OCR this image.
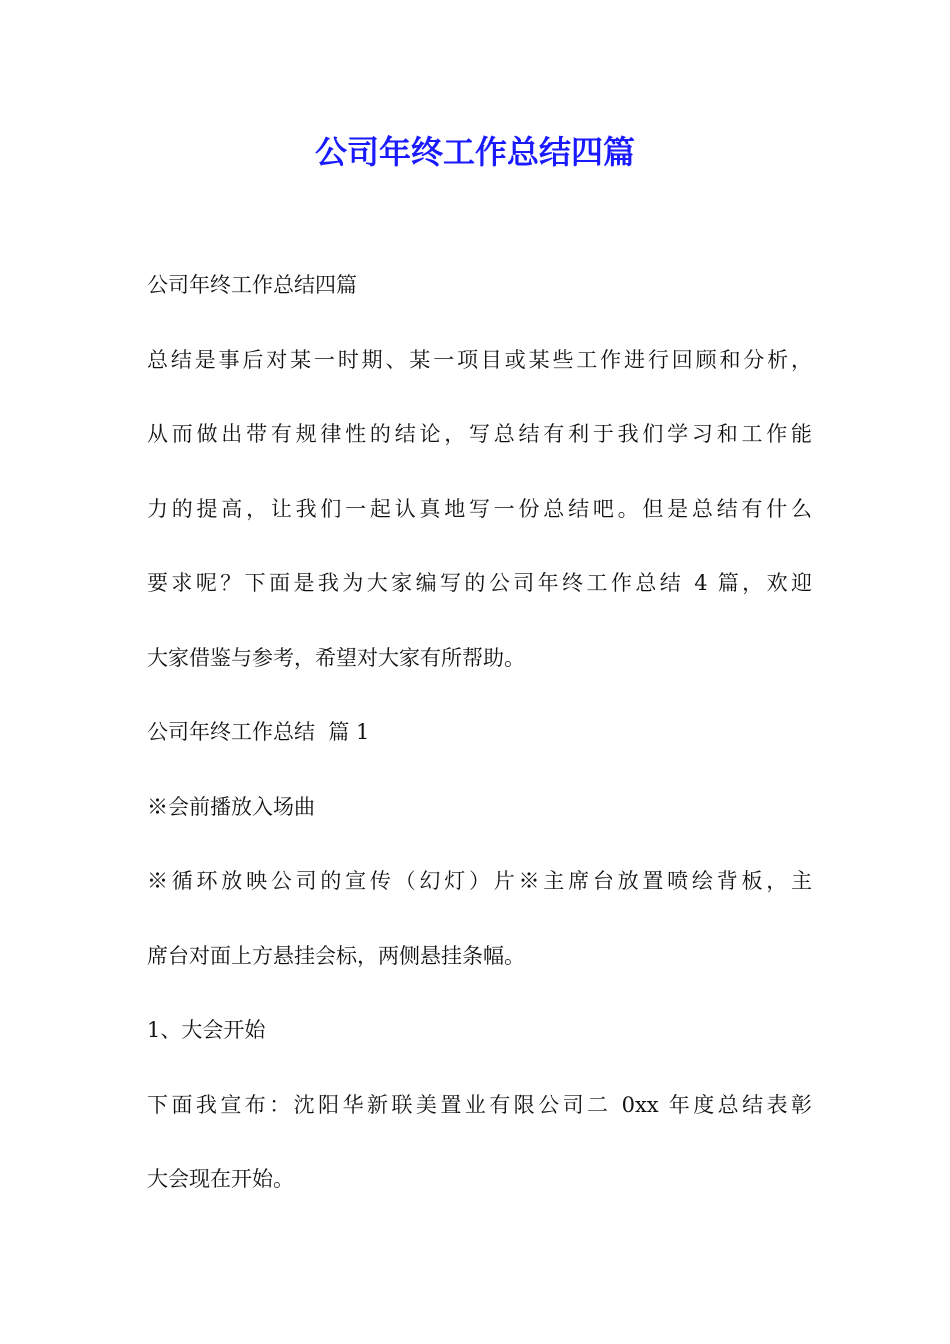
公司年终工作总结四篇
公司年终工作总结四篇
总结是事后对某一时期、某一项目或某些工作进行回顾和分析，
从而做出带有规律性的结论，写总结有利于我们学习和工作能
力的提高，让我们一起认真地写一份总结吧。但是总结有什么
要求呢？下面是我为大家编写的公司年终工作总结 4 篇，欢迎
大家借鉴与参考，希望对大家有所帮助。
公司年终工作总结  篇 1
※会前播放入场曲
※循环放映公司的宣传（幻灯）片※主席台放置喷绘背板，主
席台对面上方悬挂会标，两侧悬挂条幅。
1、大会开始
下面我宣布：沈阳华新联美置业有限公司二 0xx 年度总结表彰
大会现在开始。
